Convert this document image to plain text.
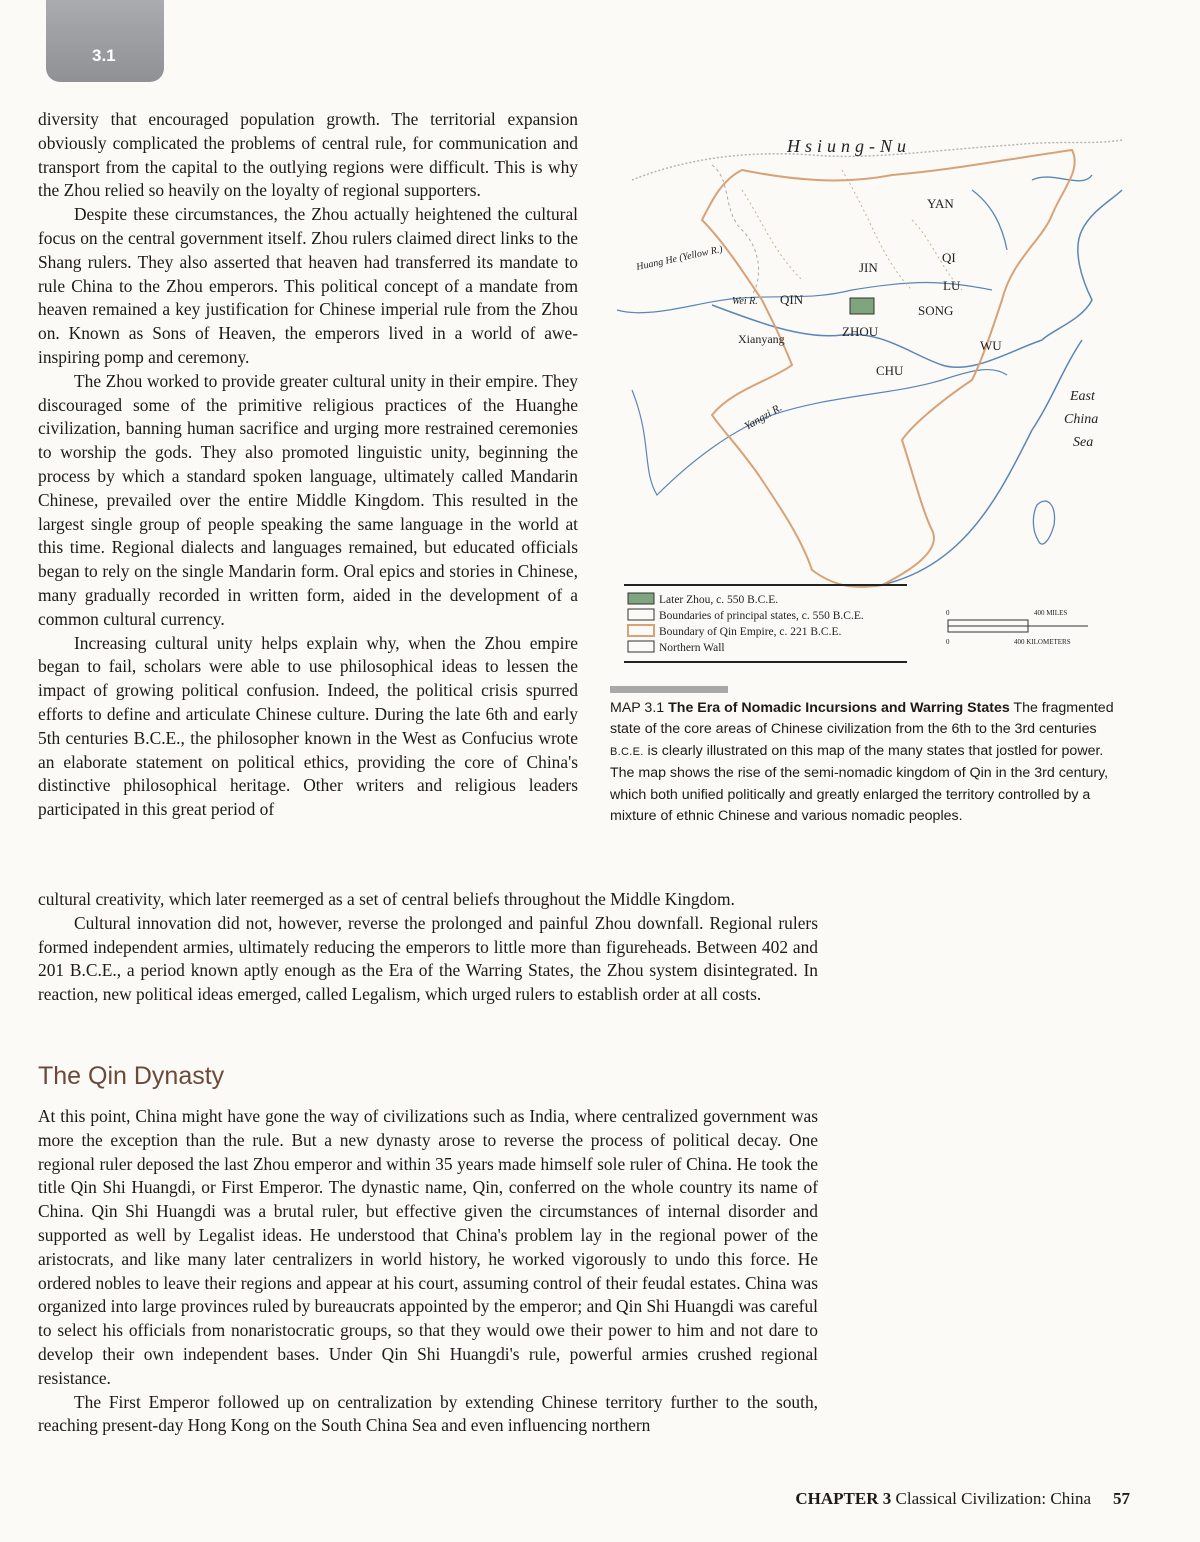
3.1

diversity that encouraged population growth. The territorial expansion obviously complicated the problems of central rule, for communication and transport from the capital to the outlying regions were difficult. This is why the Zhou relied so heavily on the loyalty of regional supporters.

Despite these circumstances, the Zhou actually heightened the cultural focus on the central government itself. Zhou rulers claimed direct links to the Shang rulers. They also asserted that heaven had transferred its mandate to rule China to the Zhou emperors. This political concept of a mandate from heaven remained a key justification for Chinese imperial rule from the Zhou on. Known as Sons of Heaven, the emperors lived in a world of awe-inspiring pomp and ceremony.

The Zhou worked to provide greater cultural unity in their empire. They discouraged some of the primitive religious practices of the Huanghe civilization, banning human sacrifice and urging more restrained ceremonies to worship the gods. They also promoted linguistic unity, beginning the process by which a standard spoken language, ultimately called Mandarin Chinese, prevailed over the entire Middle Kingdom. This resulted in the largest single group of people speaking the same language in the world at this time. Regional dialects and languages remained, but educated officials began to rely on the single Mandarin form. Oral epics and stories in Chinese, many gradually recorded in written form, aided in the development of a common cultural currency.

Increasing cultural unity helps explain why, when the Zhou empire began to fail, scholars were able to use philosophical ideas to lessen the impact of growing political confusion. Indeed, the political crisis spurred efforts to define and articulate Chinese culture. During the late 6th and early 5th centuries B.C.E., the philosopher known in the West as Confucius wrote an elaborate statement on political ethics, providing the core of China's distinctive philosophical heritage. Other writers and religious leaders participated in this great period of

cultural creativity, which later reemerged as a set of central beliefs throughout the Middle Kingdom.

Cultural innovation did not, however, reverse the prolonged and painful Zhou downfall. Regional rulers formed independent armies, ultimately reducing the emperors to little more than figureheads. Between 402 and 201 B.C.E., a period known aptly enough as the Era of the Warring States, the Zhou system disintegrated. In reaction, new political ideas emerged, called Legalism, which urged rulers to establish order at all costs.

The Qin Dynasty

At this point, China might have gone the way of civilizations such as India, where centralized government was more the exception than the rule. But a new dynasty arose to reverse the process of political decay. One regional ruler deposed the last Zhou emperor and within 35 years made himself sole ruler of China. He took the title Qin Shi Huangdi, or First Emperor. The dynastic name, Qin, conferred on the whole country its name of China. Qin Shi Huangdi was a brutal ruler, but effective given the circumstances of internal disorder and supported as well by Legalist ideas. He understood that China's problem lay in the regional power of the aristocrats, and like many later centralizers in world history, he worked vigorously to undo this force. He ordered nobles to leave their regions and appear at his court, assuming control of their feudal estates. China was organized into large provinces ruled by bureaucrats appointed by the emperor; and Qin Shi Huangdi was careful to select his officials from nonaristocratic groups, so that they would owe their power to him and not dare to develop their own independent bases. Under Qin Shi Huangdi's rule, powerful armies crushed regional resistance.

The First Emperor followed up on centralization by extending Chinese territory further to the south, reaching present-day Hong Kong on the South China Sea and even influencing northern

Hsiung-Nu
YAN
QI
LU
SONG
JIN
QIN
ZHOU
CHU
WU
Xianyang
Huang He (Yellow R.)
Wei R.
Yangzi R.
East
China
Sea
Later Zhou, c. 550 B.C.E.
Boundaries of principal states, c. 550 B.C.E.
Boundary of Qin Empire, c. 221 B.C.E.
Northern Wall
0
0
400 MILES
400 KILOMETERS
MAP 3.1 The Era of Nomadic Incursions and Warring States The fragmented state of the core areas of Chinese civilization from the 6th to the 3rd centuries B.C.E. is clearly illustrated on this map of the many states that jostled for power. The map shows the rise of the semi-nomadic kingdom of Qin in the 3rd century, which both unified politically and greatly enlarged the territory controlled by a mixture of ethnic Chinese and various nomadic peoples.
CHAPTER 3 Classical Civilization: China 57
